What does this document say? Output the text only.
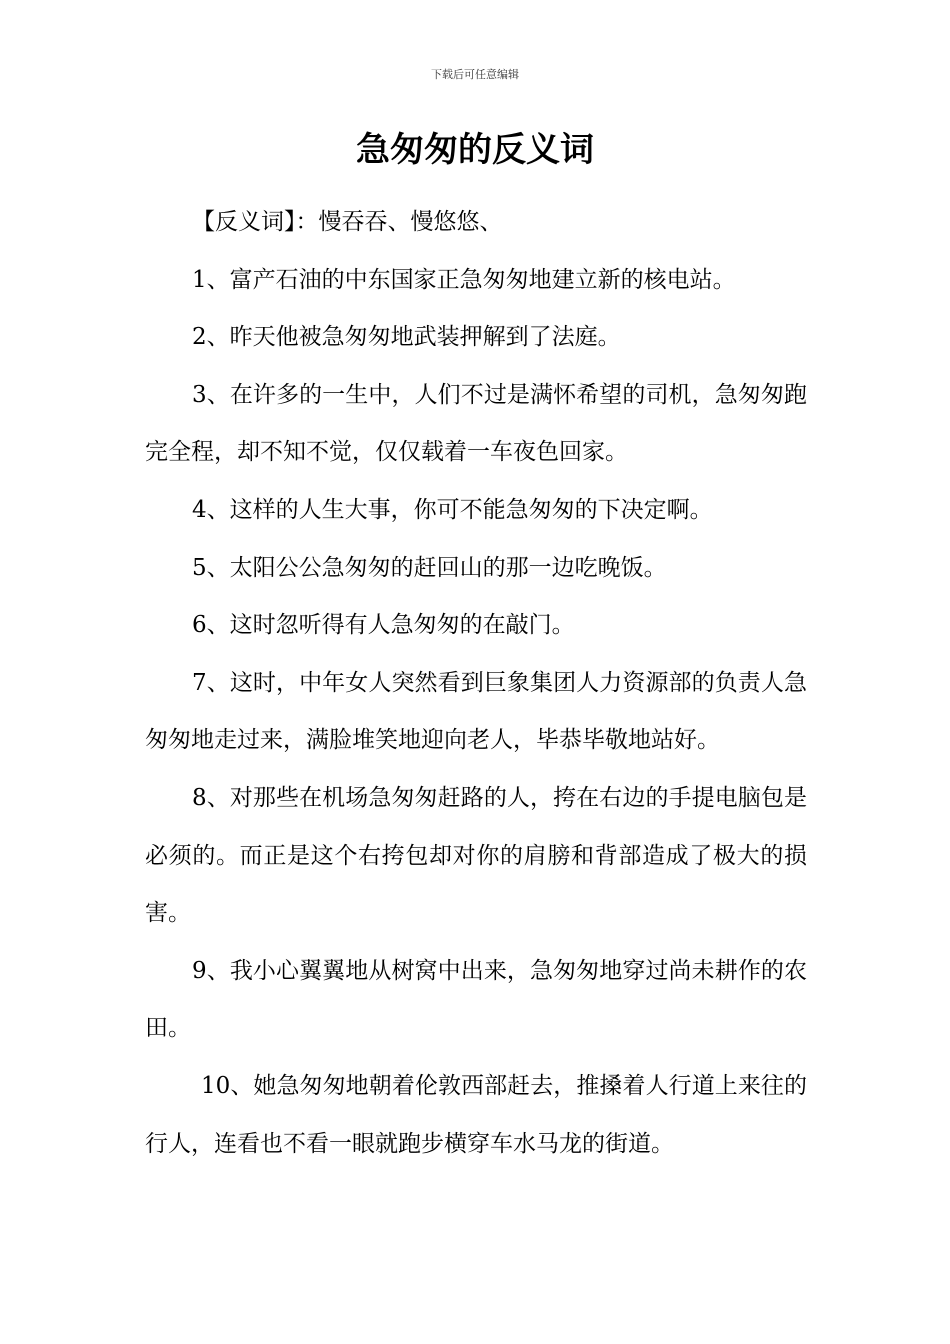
下载后可任意编辑
急匆匆的反义词

【反义词】：慢吞吞、慢悠悠、

1、富产石油的中东国家正急匆匆地建立新的核电站。

2、昨天他被急匆匆地武装押解到了法庭。

3、在许多的一生中，人们不过是满怀希望的司机，急匆匆跑完全程，却不知不觉，仅仅载着一车夜色回家。

4、这样的人生大事，你可不能急匆匆的下决定啊。

5、太阳公公急匆匆的赶回山的那一边吃晚饭。

6、这时忽听得有人急匆匆的在敲门。

7、这时，中年女人突然看到巨象集团人力资源部的负责人急匆匆地走过来，满脸堆笑地迎向老人，毕恭毕敬地站好。

8、对那些在机场急匆匆赶路的人，挎在右边的手提电脑包是必须的。而正是这个右挎包却对你的肩膀和背部造成了极大的损害。

9、我小心翼翼地从树窝中出来，急匆匆地穿过尚未耕作的农田。

10、她急匆匆地朝着伦敦西部赶去，推搡着人行道上来往的行人，连看也不看一眼就跑步横穿车水马龙的街道。
